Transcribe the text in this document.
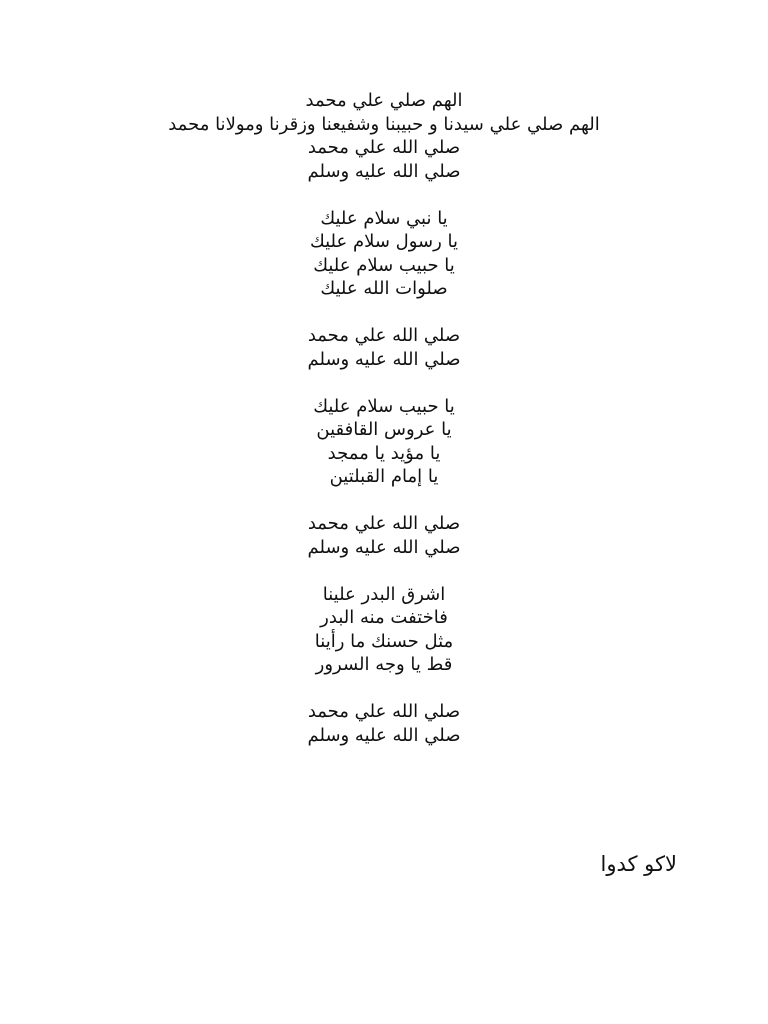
الهم صلي علي محمد
الهم صلي علي سيدنا و حبيبنا وشفيعنا وزقرنا ومولانا محمد
صلي الله علي محمد
صلي الله عليه وسلم
يا نبي سلام عليك
يا رسول سلام عليك
يا حبيب سلام عليك
صلوات الله عليك
صلي الله علي محمد
صلي الله عليه وسلم
يا حبيب سلام عليك
يا عروس القافقين
يا مؤيد يا ممجد
يا إمام القبلتين
صلي الله علي محمد
صلي الله عليه وسلم
اشرق البدر علينا
فاختفت منه البدر
مثل حسنك ما رأينا
قط يا وجه السرور
صلي الله علي محمد
صلي الله عليه وسلم
لاكو كدوا
